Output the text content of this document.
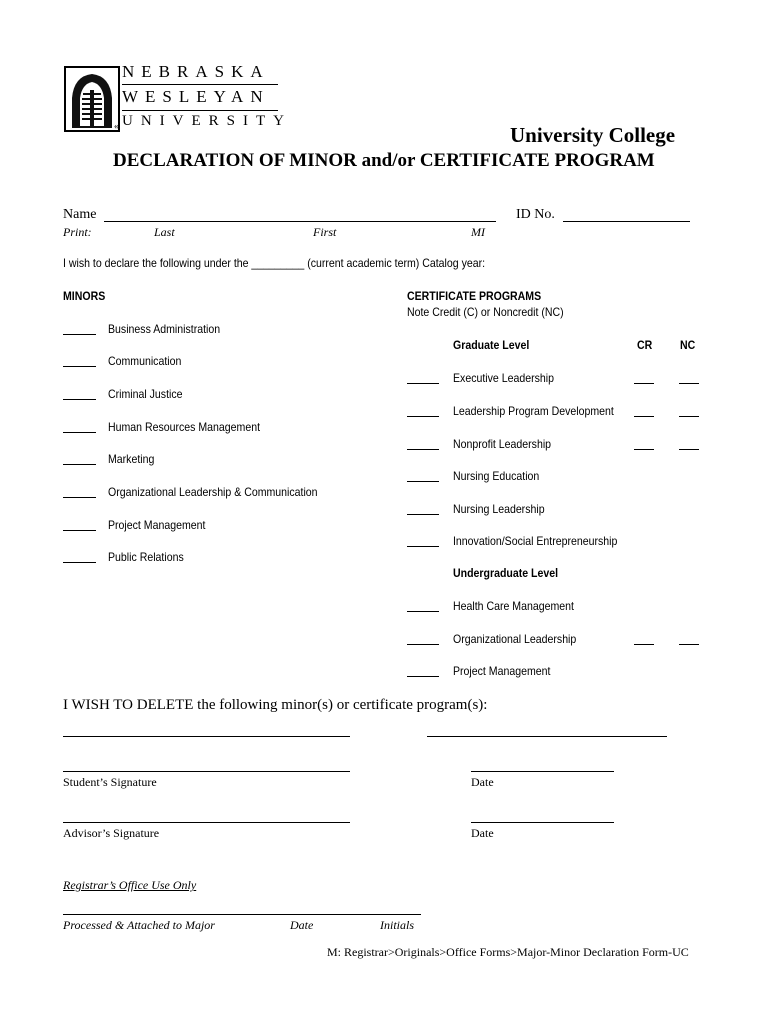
NEBRASKA
WESLEYAN
« UNIVERSITY
University College
DECLARATION OF MINOR and/or CERTIFICATE PROGRAM
Name	ID No.
Print:	Last	First	MI
I wish to declare the following under the _________ (current academic term) Catalog year:
MINORS
Business Administration
Communication
Criminal Justice
Human Resources Management
Marketing
Organizational Leadership & Communication
Project Management
Public Relations
CERTIFICATE PROGRAMS
Note Credit (C) or Noncredit (NC)
Graduate Level	CR NC
Executive Leadership
Leadership Program Development
Nonprofit Leadership
Nursing Education
Nursing Leadership
Innovation/Social Entrepreneurship
Undergraduate Level
Health Care Management
Organizational Leadership
Project Management
I WISH TO DELETE the following minor(s) or certificate program(s):
Student’s Signature	Date
Advisor’s Signature	Date
Registrar’s Office Use Only
Processed & Attached to Major	Date	Initials
M: Registrar>Originals>Office Forms>Major-Minor Declaration Form-UC
